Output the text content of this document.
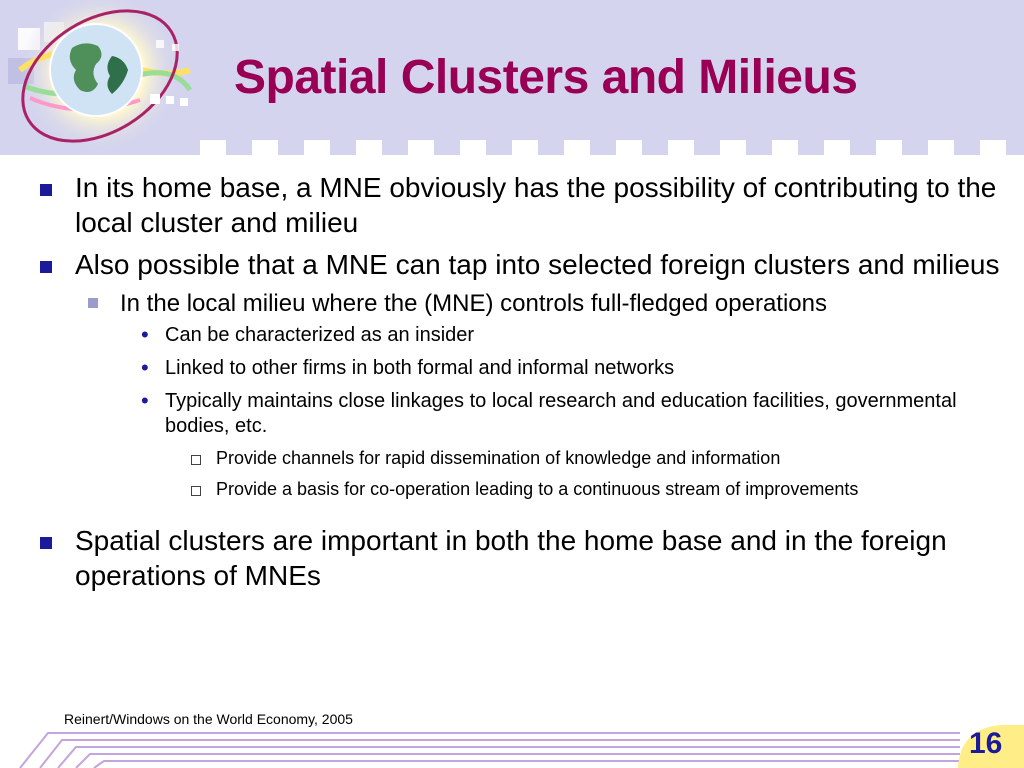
Spatial Clusters and Milieus
In its home base, a MNE obviously has the possibility of contributing to the local cluster and milieu
Also possible that a MNE can tap into selected foreign clusters and milieus
In the local milieu where the (MNE) controls full-fledged operations
• Can be characterized as an insider
• Linked to other firms in both formal and informal networks
• Typically maintains close linkages to local research and education facilities, governmental bodies, etc.
Provide channels for rapid dissemination of knowledge and information
Provide a basis for co-operation leading to a continuous stream of improvements
Spatial clusters are important in both the home base and in the foreign operations of MNEs
Reinert/Windows on the World Economy, 2005
16
